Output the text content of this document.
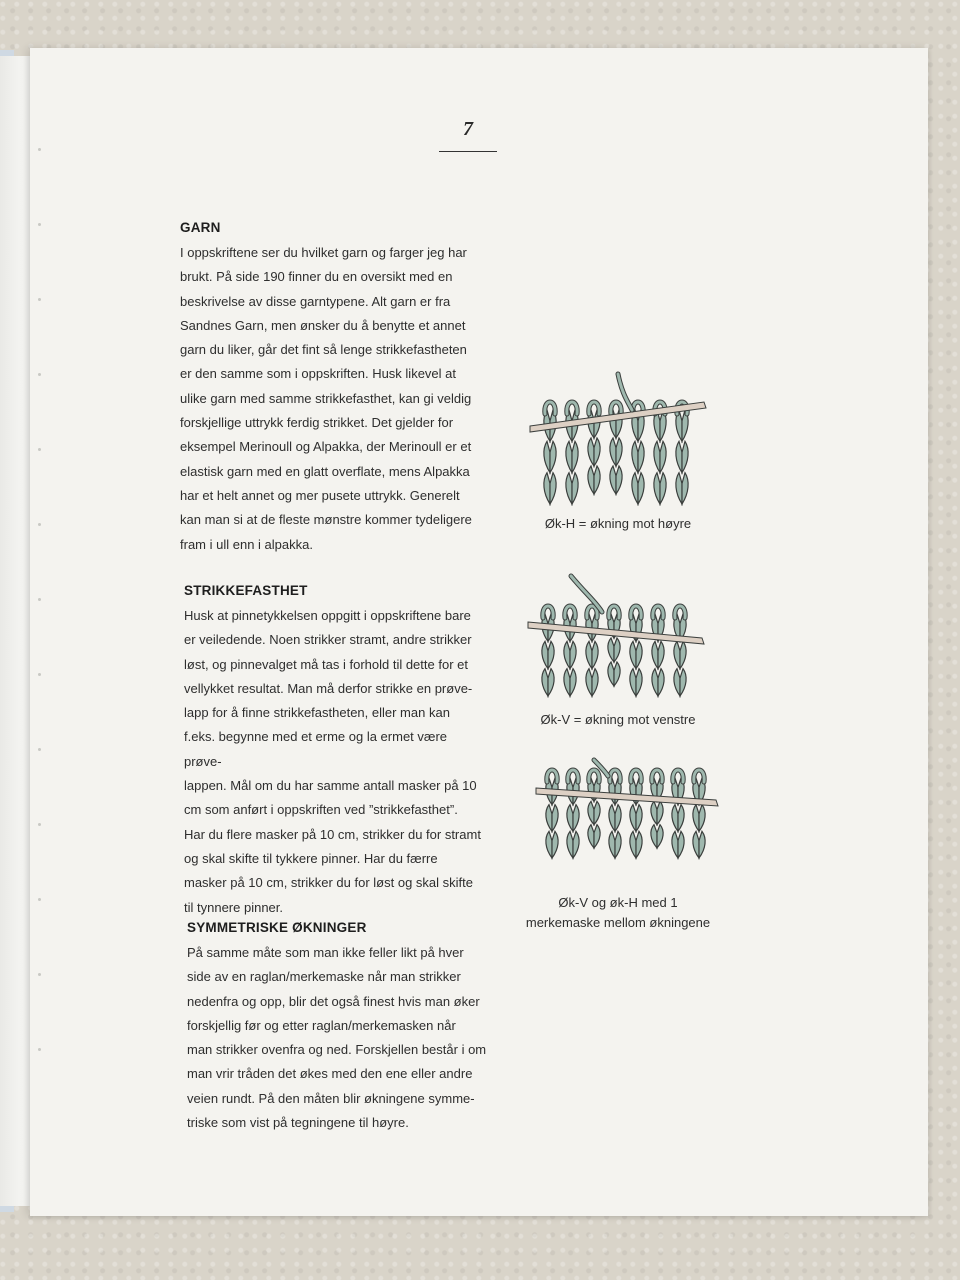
7
GARN

I oppskriftene ser du hvilket garn og farger jeg har
brukt. På side 190 finner du en oversikt med en
beskrivelse av disse garntypene. Alt garn er fra
Sandnes Garn, men ønsker du å benytte et annet
garn du liker, går det fint så lenge strikkefastheten
er den samme som i oppskriften. Husk likevel at
ulike garn med samme strikkefasthet, kan gi veldig
forskjellige uttrykk ferdig strikket. Det gjelder for
eksempel Merinoull og Alpakka, der Merinoull er et
elastisk garn med en glatt overflate, mens Alpakka
har et helt annet og mer pusete uttrykk. Generelt
kan man si at de fleste mønstre kommer tydeligere
fram i ull enn i alpakka.

STRIKKEFASTHET

Husk at pinnetykkelsen oppgitt i oppskriftene bare
er veiledende. Noen strikker stramt, andre strikker
løst, og pinnevalget må tas i forhold til dette for et
vellykket resultat. Man må derfor strikke en prøve-
lapp for å finne strikkefastheten, eller man kan
f.eks. begynne med et erme og la ermet være prøve-
lappen. Mål om du har samme antall masker på 10
cm som anført i oppskriften ved ”strikkefasthet”.
Har du flere masker på 10 cm, strikker du for stramt
og skal skifte til tykkere pinner. Har du færre
masker på 10 cm, strikker du for løst og skal skifte
til tynnere pinner.

SYMMETRISKE ØKNINGER

På samme måte som man ikke feller likt på hver
side av en raglan/merkemaske når man strikker
nedenfra og opp, blir det også finest hvis man øker
forskjellig før og etter raglan/merkemasken når
man strikker ovenfra og ned. Forskjellen består i om
man vrir tråden det økes med den ene eller andre
veien rundt. På den måten blir økningene symme-
triske som vist på tegningene til høyre.

Øk-H = økning mot høyre
Øk-V = økning mot venstre
Øk-V og øk-H med 1
merkemaske mellom økningene
